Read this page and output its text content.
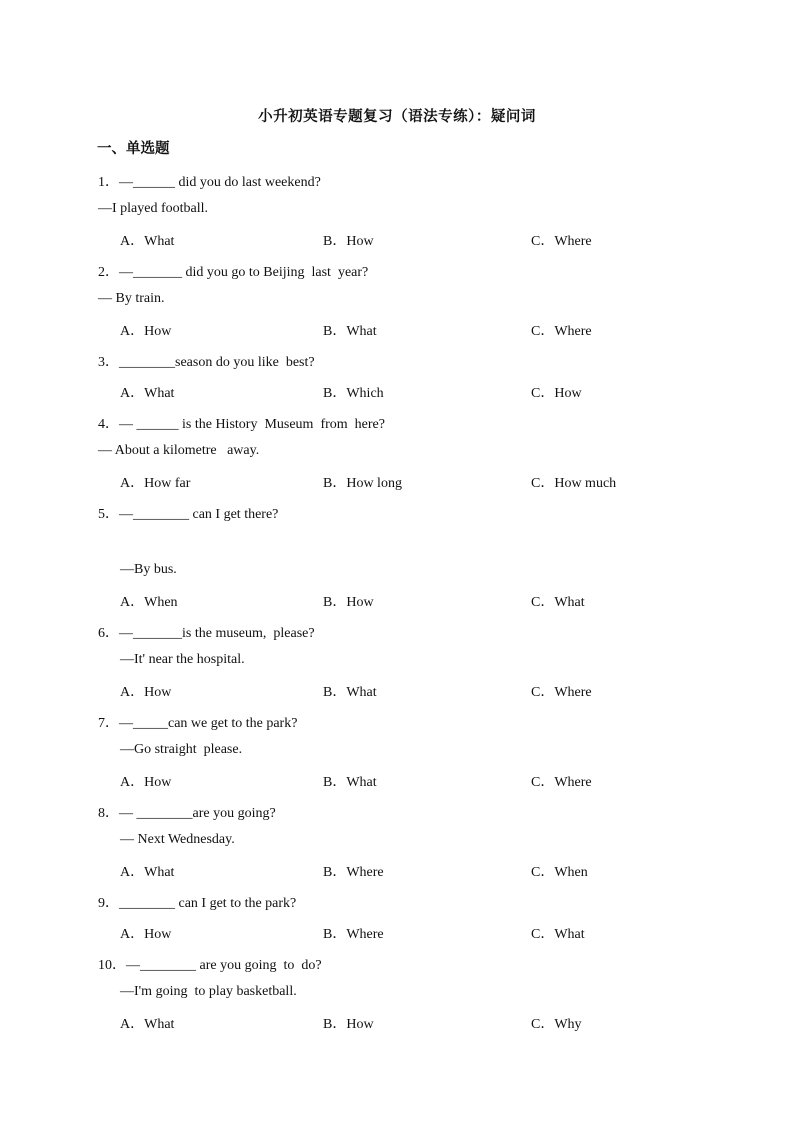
小升初英语专题复习（语法专练）：疑问词
一、单选题
1．—______ did you do last weekend?
—I played football.
A．What	B．How	C．Where
2．—_______ did you go to Beijing  last  year?
— By train.
A．How	B．What	C．Where
3．________season do you like  best?
A．What	B．Which	C．How
4．— ______ is the History  Museum  from  here?
— About a kilometre   away.
A．How far	B．How long	C．How much
5．—________ can I get there?
—By bus.
A．When	B．How	C．What
6．—_______is the museum,  please?
—It' near the hospital.
A．How	B．What	C．Where
7．—_____can we get to the park?
—Go straight  please.
A．How	B．What	C．Where
8．— ________are you going?
— Next Wednesday.
A．What	B．Where	C．When
9．________ can I get to the park?
A．How	B．Where	C．What
10．—________ are you going  to  do?
—I'm going  to play basketball.
A．What	B．How	C．Why
